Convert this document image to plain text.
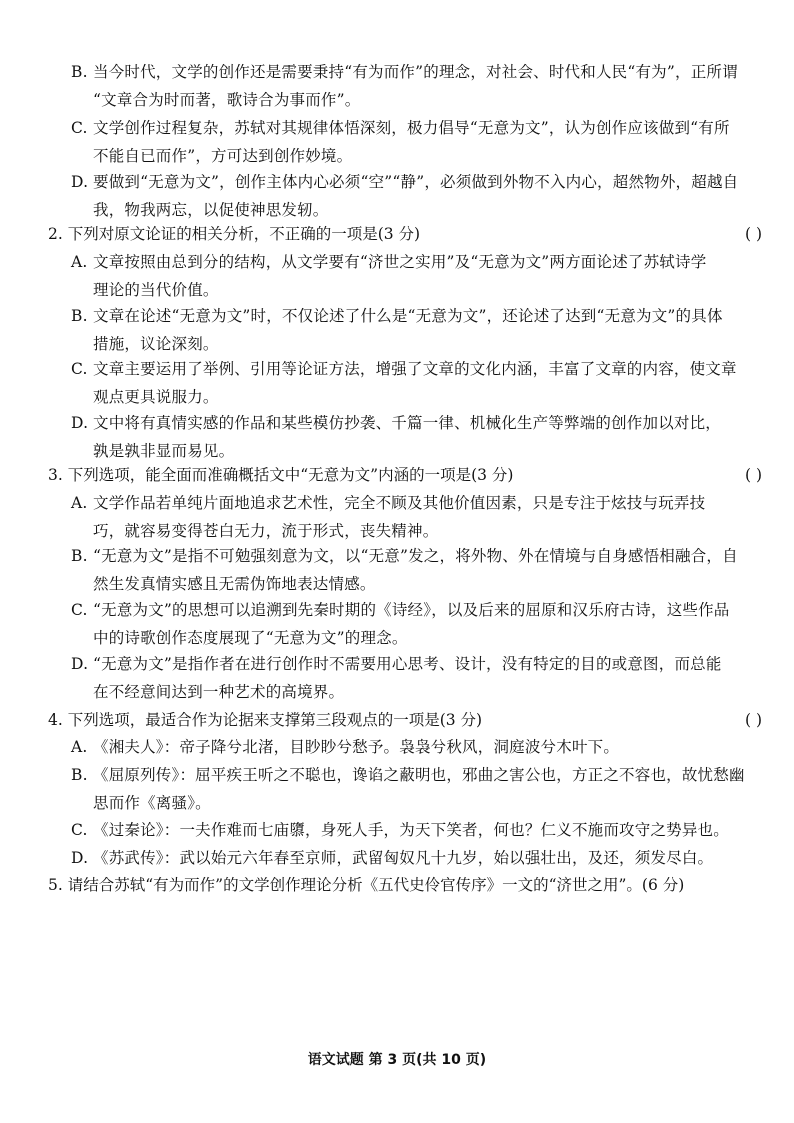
B. 当今时代，文学的创作还是需要秉持“有为而作”的理念，对社会、时代和人民“有为”，正所谓
“文章合为时而著，歌诗合为事而作”。
C. 文学创作过程复杂，苏轼对其规律体悟深刻，极力倡导“无意为文”，认为创作应该做到“有所
不能自已而作”，方可达到创作妙境。
D. 要做到“无意为文”，创作主体内心必须“空”“静”，必须做到外物不入内心，超然物外，超越自
我，物我两忘，以促使神思发轫。
2. 下列对原文论证的相关分析，不正确的一项是(3 分)	( )
A. 文章按照由总到分的结构，从文学要有“济世之实用”及“无意为文”两方面论述了苏轼诗学
理论的当代价值。
B. 文章在论述“无意为文”时，不仅论述了什么是“无意为文”，还论述了达到“无意为文”的具体
措施，议论深刻。
C. 文章主要运用了举例、引用等论证方法，增强了文章的文化内涵，丰富了文章的内容，使文章
观点更具说服力。
D. 文中将有真情实感的作品和某些模仿抄袭、千篇一律、机械化生产等弊端的创作加以对比，
孰是孰非显而易见。
3. 下列选项，能全面而准确概括文中“无意为文”内涵的一项是(3 分)	( )
A. 文学作品若单纯片面地追求艺术性，完全不顾及其他价值因素，只是专注于炫技与玩弄技
巧，就容易变得苍白无力，流于形式，丧失精神。
B. “无意为文”是指不可勉强刻意为文，以“无意”发之，将外物、外在情境与自身感悟相融合，自
然生发真情实感且无需伪饰地表达情感。
C. “无意为文”的思想可以追溯到先秦时期的《诗经》，以及后来的屈原和汉乐府古诗，这些作品
中的诗歌创作态度展现了“无意为文”的理念。
D. “无意为文”是指作者在进行创作时不需要用心思考、设计，没有特定的目的或意图，而总能
在不经意间达到一种艺术的高境界。
4. 下列选项，最适合作为论据来支撑第三段观点的一项是(3 分)	( )
A. 《湘夫人》：帝子降兮北渚，目眇眇兮愁予。袅袅兮秋风，洞庭波兮木叶下。
B. 《屈原列传》：屈平疾王听之不聪也，谗谄之蔽明也，邪曲之害公也，方正之不容也，故忧愁幽
思而作《离骚》。
C. 《过秦论》：一夫作难而七庙隳，身死人手，为天下笑者，何也？仁义不施而攻守之势异也。
D. 《苏武传》：武以始元六年春至京师，武留匈奴凡十九岁，始以强壮出，及还，须发尽白。
5. 请结合苏轼“有为而作”的文学创作理论分析《五代史伶官传序》一文的“济世之用”。(6 分)
语文试题 第 3 页(共 10 页)
